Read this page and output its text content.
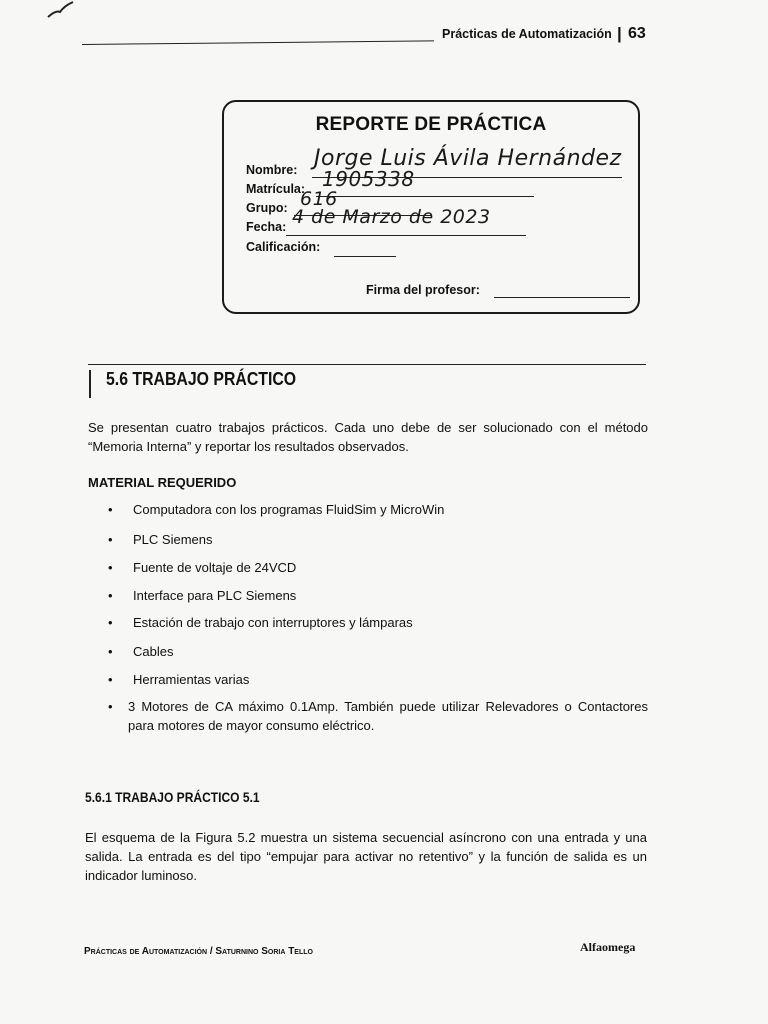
Prácticas de Automatización | 63
REPORTE DE PRÁCTICA
Nombre: Jorge Luis Ávila Hernández
Matrícula: 1905338
Grupo: 616
Fecha: 4 de Marzo de 2023
Calificación:
Firma del profesor:
5.6 TRABAJO PRÁCTICO
Se presentan cuatro trabajos prácticos. Cada uno debe de ser solucionado con el método “Memoria Interna” y reportar los resultados observados.
MATERIAL REQUERIDO
• Computadora con los programas FluidSim y MicroWin
• PLC Siemens
• Fuente de voltaje de 24VCD
• Interface para PLC Siemens
• Estación de trabajo con interruptores y lámparas
• Cables
• Herramientas varias
• 3 Motores de CA máximo 0.1Amp. También puede utilizar Relevadores o Contactores para motores de mayor consumo eléctrico.
5.6.1 TRABAJO PRÁCTICO 5.1
El esquema de la Figura 5.2 muestra un sistema secuencial asíncrono con una entrada y una salida. La entrada es del tipo “empujar para activar no retentivo” y la función de salida es un indicador luminoso.
Prácticas de Automatización / Saturnino Soria Tello	Alfaomega
